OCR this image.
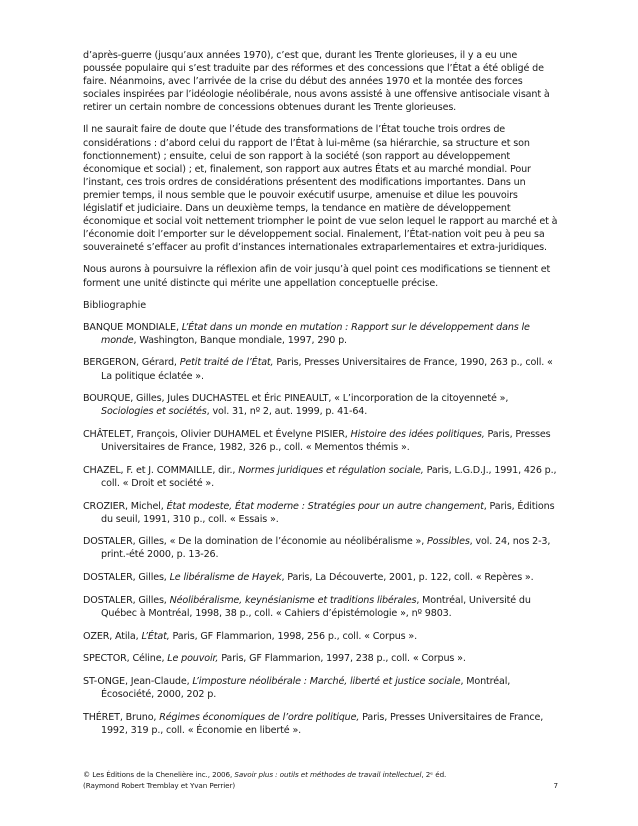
d’après-guerre (jusqu’aux années 1970), c’est que, durant les Trente glorieuses, il y a eu une poussée populaire qui s’est traduite par des réformes et des concessions que l’État a été obligé de faire. Néanmoins, avec l’arrivée de la crise du début des années 1970 et la montée des forces sociales inspirées par l’idéologie néolibérale, nous avons assisté à une offensive antisociale visant à retirer un certain nombre de concessions obtenues durant les Trente glorieuses.

Il ne saurait faire de doute que l’étude des transformations de l’État touche trois ordres de considérations : d’abord celui du rapport de l’État à lui-même (sa hiérarchie, sa structure et son fonctionnement) ; ensuite, celui de son rapport à la société (son rapport au développement économique et social) ; et, finalement, son rapport aux autres États et au marché mondial. Pour l’instant, ces trois ordres de considérations présentent des modifications importantes. Dans un premier temps, il nous semble que le pouvoir exécutif usurpe, amenuise et dilue les pouvoirs législatif et judiciaire. Dans un deuxième temps, la tendance en matière de développement économique et social voit nettement triompher le point de vue selon lequel le rapport au marché et à l’économie doit l’emporter sur le développement social. Finalement, l’État-nation voit peu à peu sa souveraineté s’effacer au profit d’instances internationales extraparlementaires et extra-juridiques.

Nous aurons à poursuivre la réflexion afin de voir jusqu’à quel point ces modifications se tiennent et forment une unité distincte qui mérite une appellation conceptuelle précise.

Bibliographie

BANQUE MONDIALE, L’État dans un monde en mutation : Rapport sur le développement dans le monde, Washington, Banque mondiale, 1997, 290 p.

BERGERON, Gérard, Petit traité de l’État, Paris, Presses Universitaires de France, 1990, 263 p., coll. « La politique éclatée ».

BOURQUE, Gilles, Jules DUCHASTEL et Éric PINEAULT, « L’incorporation de la citoyenneté », Sociologies et sociétés, vol. 31, nº 2, aut. 1999, p. 41-64.

CHÂTELET, François, Olivier DUHAMEL et Évelyne PISIER, Histoire des idées politiques, Paris, Presses Universitaires de France, 1982, 326 p., coll. « Mementos thémis ».

CHAZEL, F. et J. COMMAILLE, dir., Normes juridiques et régulation sociale, Paris, L.G.D.J., 1991, 426 p., coll. « Droit et société ».

CROZIER, Michel, État modeste, État moderne : Stratégies pour un autre changement, Paris, Éditions du seuil, 1991, 310 p., coll. « Essais ».

DOSTALER, Gilles, « De la domination de l’économie au néolibéralisme », Possibles, vol. 24, nos 2-3, print.-été 2000, p. 13-26.

DOSTALER, Gilles, Le libéralisme de Hayek, Paris, La Découverte, 2001, p. 122, coll. « Repères ».

DOSTALER, Gilles, Néolibéralisme, keynésianisme et traditions libérales, Montréal, Université du Québec à Montréal, 1998, 38 p., coll. « Cahiers d’épistémologie », nº 9803.

OZER, Atila, L’État, Paris, GF Flammarion, 1998, 256 p., coll. « Corpus ».

SPECTOR, Céline, Le pouvoir, Paris, GF Flammarion, 1997, 238 p., coll. « Corpus ».

ST-ONGE, Jean-Claude, L’imposture néolibérale : Marché, liberté et justice sociale, Montréal, Écosociété, 2000, 202 p.

THÉRET, Bruno, Régimes économiques de l’ordre politique, Paris, Presses Universitaires de France, 1992, 319 p., coll. « Économie en liberté ».

© Les Éditions de la Chenelière inc., 2006, Savoir plus : outils et méthodes de travail intellectuel, 2ᵉ éd.
(Raymond Robert Tremblay et Yvan Perrier)	7
